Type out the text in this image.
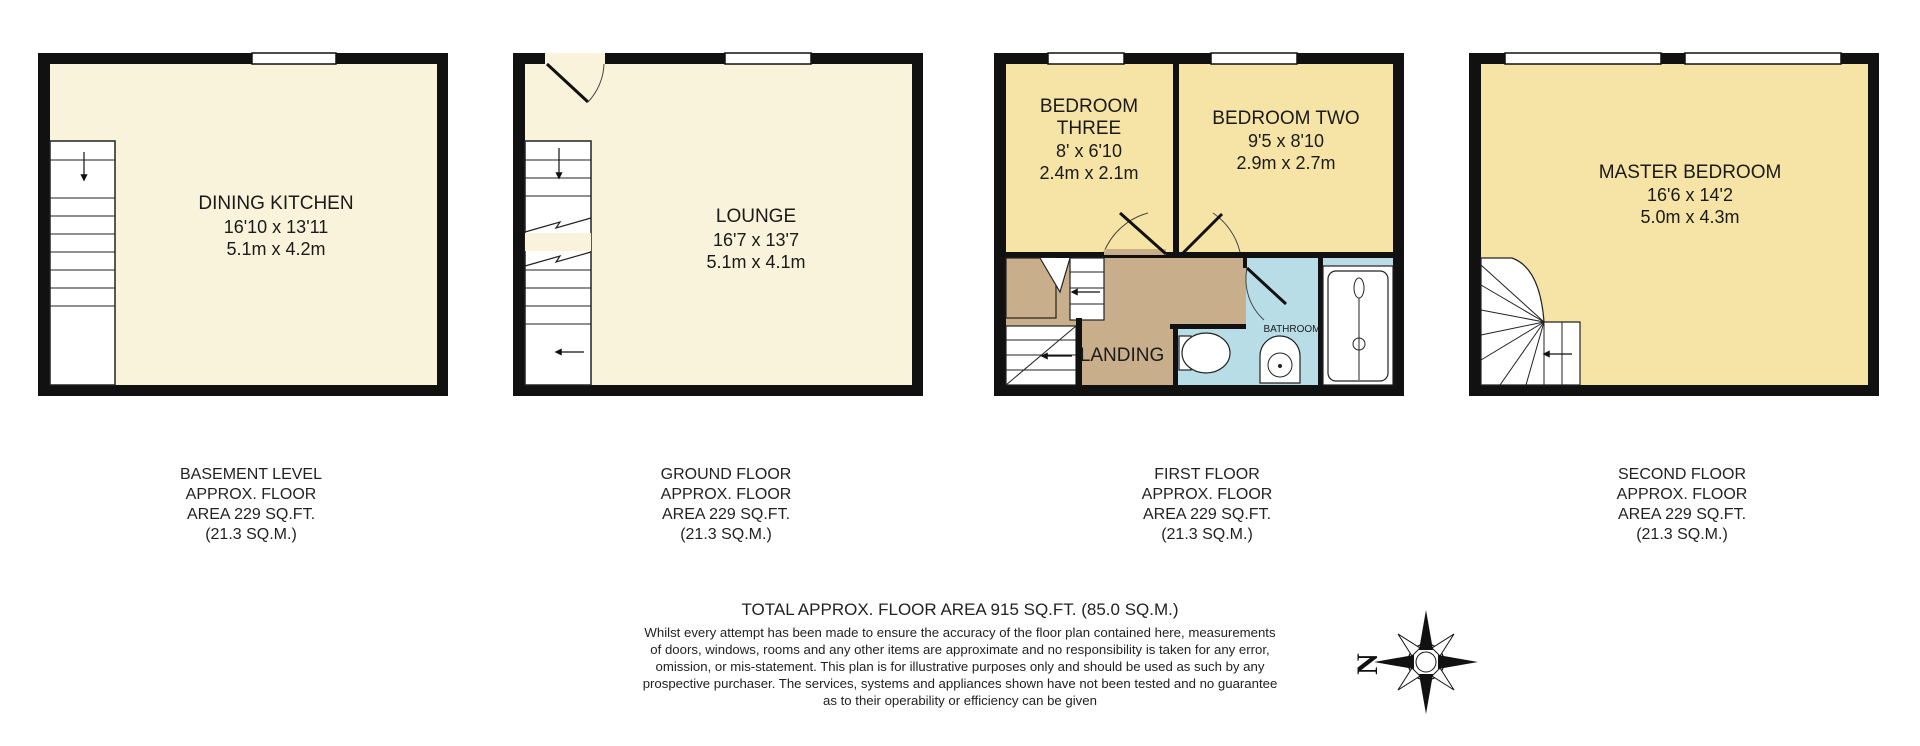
DINING KITCHEN
16'10 x 13'11
5.1m x 4.2m
LOUNGE
16'7 x 13'7
5.1m x 4.1m
BEDROOM
THREE
8' x 6'10
2.4m x 2.1m
BEDROOM TWO
9'5 x 8'10
2.9m x 2.7m
BATHROOM
LANDING
MASTER BEDROOM
16'6 x 14'2
5.0m x 4.3m
N
BASEMENT LEVEL
APPROX. FLOOR
AREA 229 SQ.FT.
(21.3 SQ.M.)
GROUND FLOOR
APPROX. FLOOR
AREA 229 SQ.FT.
(21.3 SQ.M.)
FIRST FLOOR
APPROX. FLOOR
AREA 229 SQ.FT.
(21.3 SQ.M.)
SECOND FLOOR
APPROX. FLOOR
AREA 229 SQ.FT.
(21.3 SQ.M.)
TOTAL APPROX. FLOOR AREA 915 SQ.FT. (85.0 SQ.M.)
Whilst every attempt has been made to ensure the accuracy of the floor plan contained here, measurements
of doors, windows, rooms and any other items are approximate and no responsibility is taken for any error,
omission, or mis-statement. This plan is for illustrative purposes only and should be used as such by any
prospective purchaser. The services, systems and appliances shown have not been tested and no guarantee
as to their operability or efficiency can be given
